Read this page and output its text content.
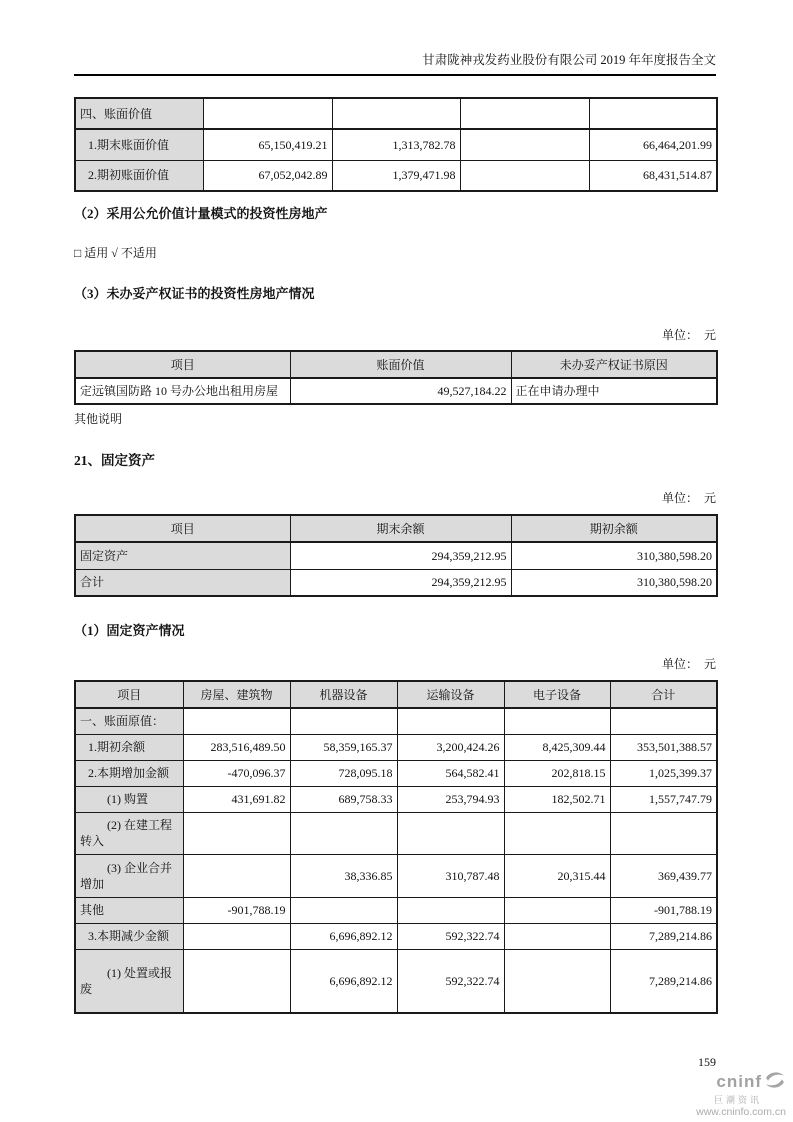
甘肃陇神戎发药业股份有限公司 2019 年年度报告全文
四、账面价值				
1.期末账面价值	65,150,419.21	1,313,782.78		66,464,201.99
2.期初账面价值	67,052,042.89	1,379,471.98		68,431,514.87
（2）采用公允价值计量模式的投资性房地产
□ 适用 √ 不适用
（3）未办妥产权证书的投资性房地产情况
单位：　元
项目	账面价值	未办妥产权证书原因
定远镇国防路 10 号办公地出租用房屋	49,527,184.22	正在申请办理中
其他说明
21、固定资产
单位：　元
项目	期末余额	期初余额
固定资产	294,359,212.95	310,380,598.20
合计	294,359,212.95	310,380,598.20
（1）固定资产情况
单位：　元
项目	房屋、建筑物	机器设备	运输设备	电子设备	合计
一、账面原值：					
1.期初余额	283,516,489.50	58,359,165.37	3,200,424.26	8,425,309.44	353,501,388.57
2.本期增加金额	-470,096.37	728,095.18	564,582.41	202,818.15	1,025,399.37
(1) 购置	431,691.82	689,758.33	253,794.93	182,502.71	1,557,747.79
(2) 在建工程转入					
(3) 企业合并增加		38,336.85	310,787.48	20,315.44	369,439.77
其他	-901,788.19				-901,788.19
3.本期减少金额		6,696,892.12	592,322.74		7,289,214.86
(1) 处置或报废		6,696,892.12	592,322.74		7,289,214.86
159
cninf
巨潮资讯
www.cninfo.com.cn
